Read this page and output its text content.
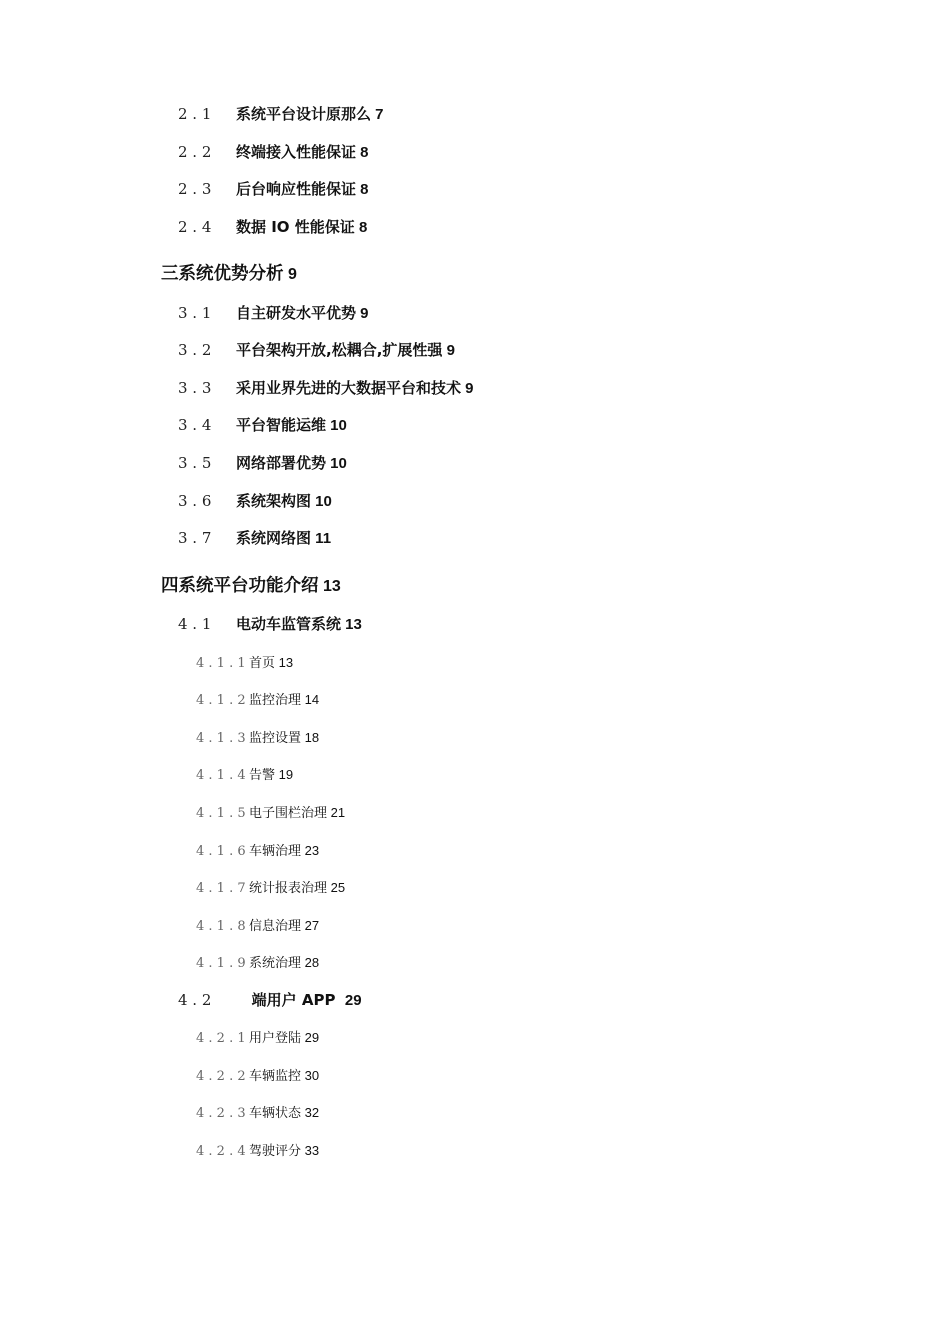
2 . 1 系统平台设计原那么 7
2 . 2 终端接入性能保证 8
2 . 3 后台响应性能保证 8
2 . 4 数据 IO 性能保证 8
三系统优势分析 9
3 . 1 自主研发水平优势 9
3 . 2 平台架构开放,松耦合,扩展性强 9
3 . 3 采用业界先进的大数据平台和技术 9
3 . 4 平台智能运维 10
3 . 5 网络部署优势 10
3 . 6 系统架构图 10
3 . 7 系统网络图 11
四系统平台功能介绍 13
4 . 1 电动车监管系统 13
4 . 1 . 1 首页 13
4 . 1 . 2 监控治理 14
4 . 1 . 3 监控设置 18
4 . 1 . 4 告警 19
4 . 1 . 5 电子围栏治理 21
4 . 1 . 6 车辆治理 23
4 . 1 . 7 统计报表治理 25
4 . 1 . 8 信息治理 27
4 . 1 . 9 系统治理 28
4 . 2   端用户 APP  29
4 . 2 . 1 用户登陆 29
4 . 2 . 2 车辆监控 30
4 . 2 . 3 车辆状态 32
4 . 2 . 4 驾驶评分 33
